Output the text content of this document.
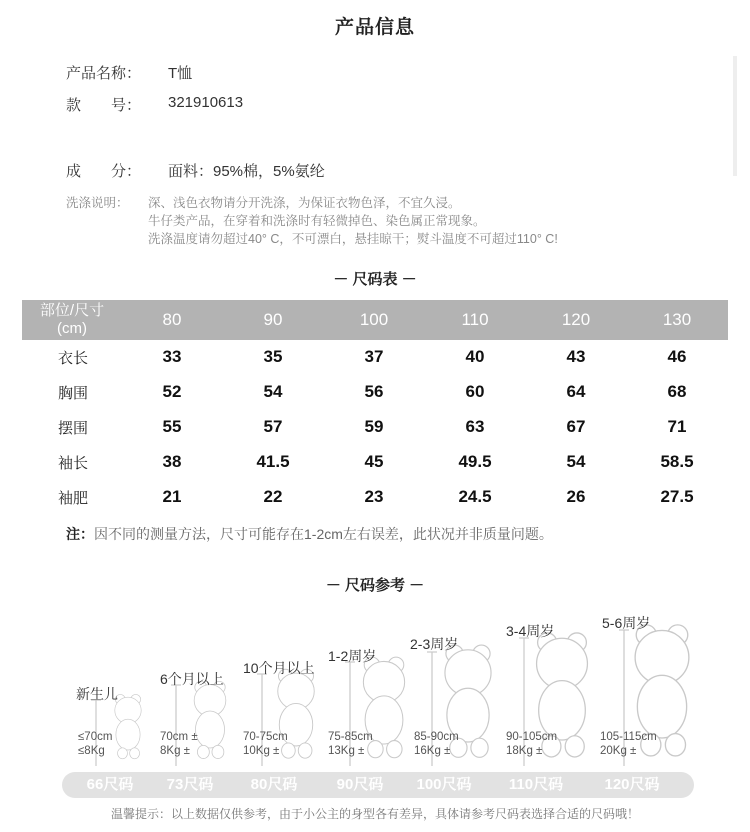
产品信息
产品名称： T恤
款　　号： 321910613
成　　分： 面料：95%棉，5%氨纶
洗涤说明： 深、浅色衣物请分开洗涤，为保证衣物色泽，不宜久浸。
牛仔类产品，在穿着和洗涤时有轻微掉色、染色属正常现象。
洗涤温度请勿超过40° C，不可漂白，悬挂晾干；熨斗温度不可超过110° C!
－ 尺码表 －
部位/尺寸
(cm)	80	90	100	110	120	130
衣长	33	35	37	40	43	46
胸围	52	54	56	60	64	68
摆围	55	57	59	63	67	71
袖长	38	41.5	45	49.5	54	58.5
袖肥	21	22	23	24.5	26	27.5
注：因不同的测量方法，尺寸可能存在1-2cm左右误差，此状况并非质量问题。
－ 尺码参考 －
新生儿
6个月以上
10个月以上
1-2周岁
2-3周岁
3-4周岁	5-6周岁
≤70cm
≤8Kg
70cm ±
8Kg ±
70-75cm
10Kg ±
75-85cm
13Kg ±
85-90cm
16Kg ±
90-105cm
18Kg ±
105-115cm
20Kg ±
66尺码	73尺码	80尺码	90尺码	100尺码	110尺码	120尺码
温馨提示：以上数据仅供参考，由于小公主的身型各有差异，具体请参考尺码表选择合适的尺码哦！
